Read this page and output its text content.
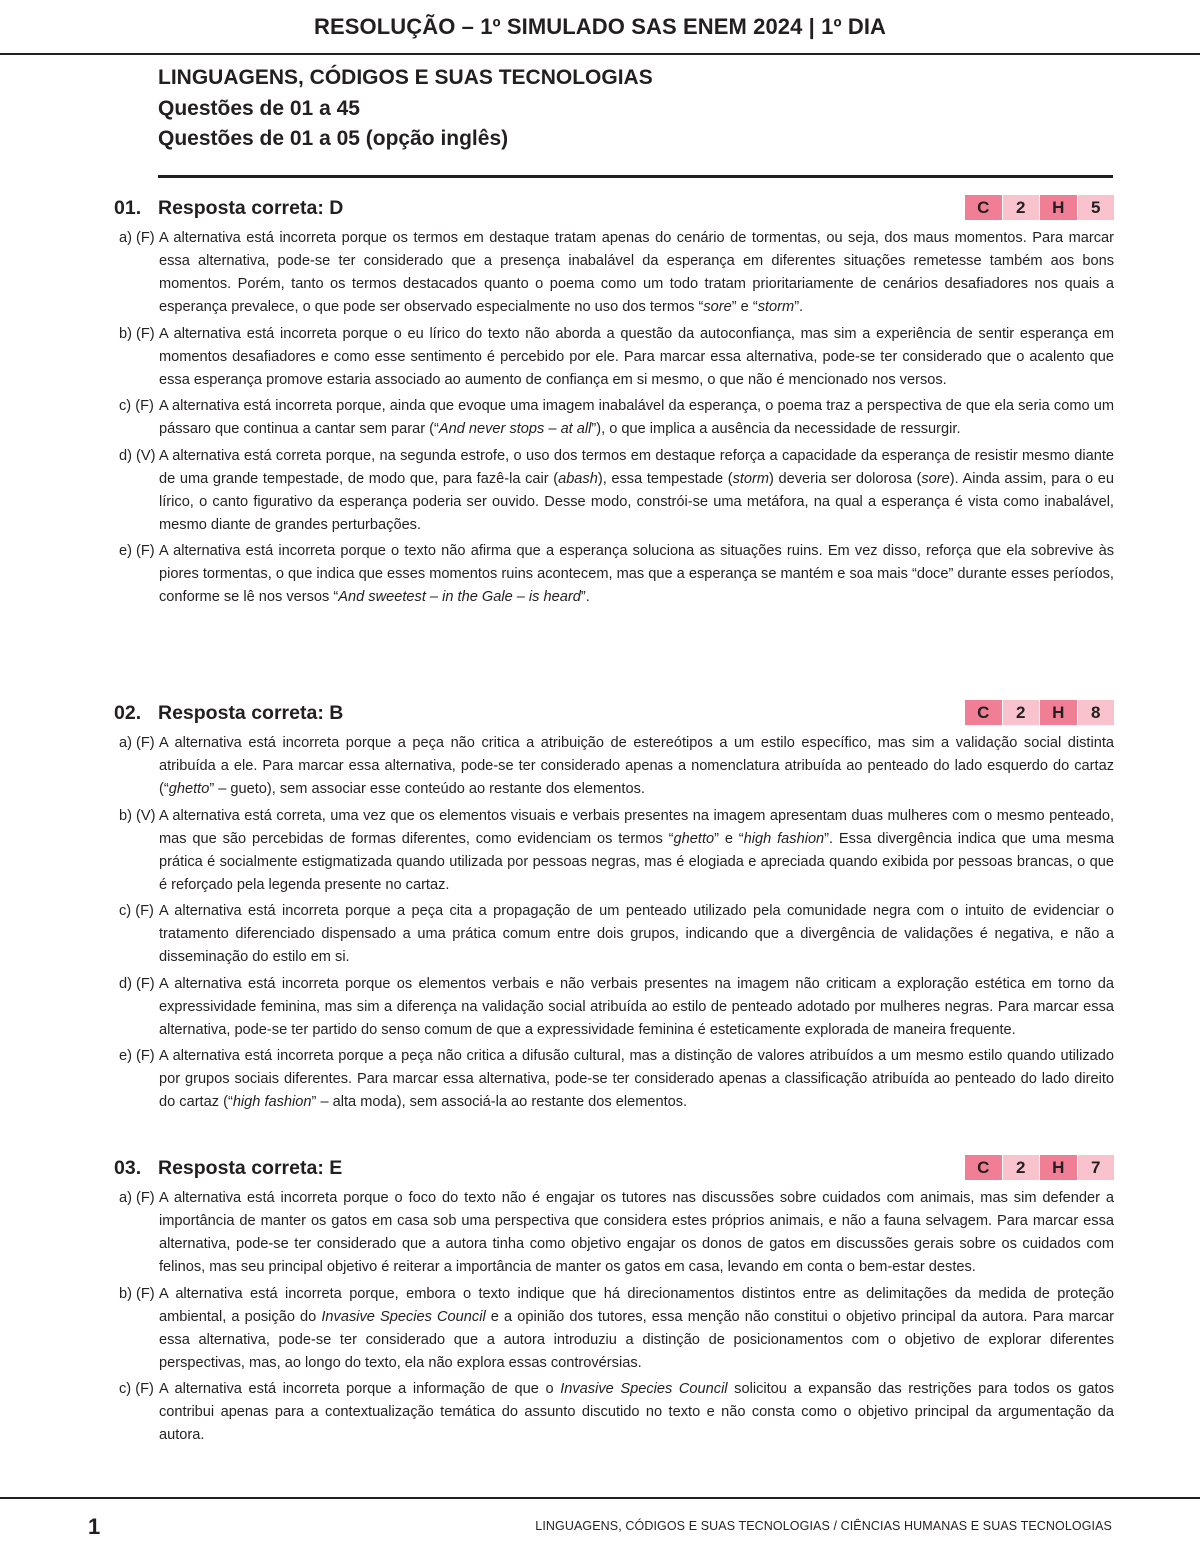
RESOLUÇÃO – 1º SIMULADO SAS ENEM 2024 | 1º DIA
LINGUAGENS, CÓDIGOS E SUAS TECNOLOGIAS
Questões de 01 a 45
Questões de 01 a 05 (opção inglês)
01. Resposta correta: D	C	2	H	5
a) (F) A alternativa está incorreta porque os termos em destaque tratam apenas do cenário de tormentas, ou seja, dos maus momentos. Para marcar essa alternativa, pode-se ter considerado que a presença inabalável da esperança em diferentes situações remetesse também aos bons momentos. Porém, tanto os termos destacados quanto o poema como um todo tratam prioritariamente de cenários desafiadores nos quais a esperança prevalece, o que pode ser observado especialmente no uso dos termos “sore” e “storm”.
b) (F) A alternativa está incorreta porque o eu lírico do texto não aborda a questão da autoconfiança, mas sim a experiência de sentir esperança em momentos desafiadores e como esse sentimento é percebido por ele. Para marcar essa alternativa, pode-se ter considerado que o acalento que essa esperança promove estaria associado ao aumento de confiança em si mesmo, o que não é mencionado nos versos.
c) (F) A alternativa está incorreta porque, ainda que evoque uma imagem inabalável da esperança, o poema traz a perspectiva de que ela seria como um pássaro que continua a cantar sem parar (“And never stops – at all”), o que implica a ausência da necessidade de ressurgir.
d) (V) A alternativa está correta porque, na segunda estrofe, o uso dos termos em destaque reforça a capacidade da esperança de resistir mesmo diante de uma grande tempestade, de modo que, para fazê-la cair (abash), essa tempestade (storm) deveria ser dolorosa (sore). Ainda assim, para o eu lírico, o canto figurativo da esperança poderia ser ouvido. Desse modo, constrói-se uma metáfora, na qual a esperança é vista como inabalável, mesmo diante de grandes perturbações.
e) (F) A alternativa está incorreta porque o texto não afirma que a esperança soluciona as situações ruins. Em vez disso, reforça que ela sobrevive às piores tormentas, o que indica que esses momentos ruins acontecem, mas que a esperança se mantém e soa mais “doce” durante esses períodos, conforme se lê nos versos “And sweetest – in the Gale – is heard”.
02. Resposta correta: B	C	2	H	8
a) (F) A alternativa está incorreta porque a peça não critica a atribuição de estereótipos a um estilo específico, mas sim a validação social distinta atribuída a ele. Para marcar essa alternativa, pode-se ter considerado apenas a nomenclatura atribuída ao penteado do lado esquerdo do cartaz (“ghetto” – gueto), sem associar esse conteúdo ao restante dos elementos.
b) (V) A alternativa está correta, uma vez que os elementos visuais e verbais presentes na imagem apresentam duas mulheres com o mesmo penteado, mas que são percebidas de formas diferentes, como evidenciam os termos “ghetto” e “high fashion”. Essa divergência indica que uma mesma prática é socialmente estigmatizada quando utilizada por pessoas negras, mas é elogiada e apreciada quando exibida por pessoas brancas, o que é reforçado pela legenda presente no cartaz.
c) (F) A alternativa está incorreta porque a peça cita a propagação de um penteado utilizado pela comunidade negra com o intuito de evidenciar o tratamento diferenciado dispensado a uma prática comum entre dois grupos, indicando que a divergência de validações é negativa, e não a disseminação do estilo em si.
d) (F) A alternativa está incorreta porque os elementos verbais e não verbais presentes na imagem não criticam a exploração estética em torno da expressividade feminina, mas sim a diferença na validação social atribuída ao estilo de penteado adotado por mulheres negras. Para marcar essa alternativa, pode-se ter partido do senso comum de que a expressividade feminina é esteticamente explorada de maneira frequente.
e) (F) A alternativa está incorreta porque a peça não critica a difusão cultural, mas a distinção de valores atribuídos a um mesmo estilo quando utilizado por grupos sociais diferentes. Para marcar essa alternativa, pode-se ter considerado apenas a classificação atribuída ao penteado do lado direito do cartaz (“high fashion” – alta moda), sem associá-la ao restante dos elementos.
03. Resposta correta: E	C	2	H	7
a) (F) A alternativa está incorreta porque o foco do texto não é engajar os tutores nas discussões sobre cuidados com animais, mas sim defender a importância de manter os gatos em casa sob uma perspectiva que considera estes próprios animais, e não a fauna selvagem. Para marcar essa alternativa, pode-se ter considerado que a autora tinha como objetivo engajar os donos de gatos em discussões gerais sobre os cuidados com felinos, mas seu principal objetivo é reiterar a importância de manter os gatos em casa, levando em conta o bem-estar destes.
b) (F) A alternativa está incorreta porque, embora o texto indique que há direcionamentos distintos entre as delimitações da medida de proteção ambiental, a posição do Invasive Species Council e a opinião dos tutores, essa menção não constitui o objetivo principal da autora. Para marcar essa alternativa, pode-se ter considerado que a autora introduziu a distinção de posicionamentos com o objetivo de explorar diferentes perspectivas, mas, ao longo do texto, ela não explora essas controvérsias.
c) (F) A alternativa está incorreta porque a informação de que o Invasive Species Council solicitou a expansão das restrições para todos os gatos contribui apenas para a contextualização temática do assunto discutido no texto e não consta como o objetivo principal da argumentação da autora.
1	LINGUAGENS, CÓDIGOS E SUAS TECNOLOGIAS / CIÊNCIAS HUMANAS E SUAS TECNOLOGIAS
